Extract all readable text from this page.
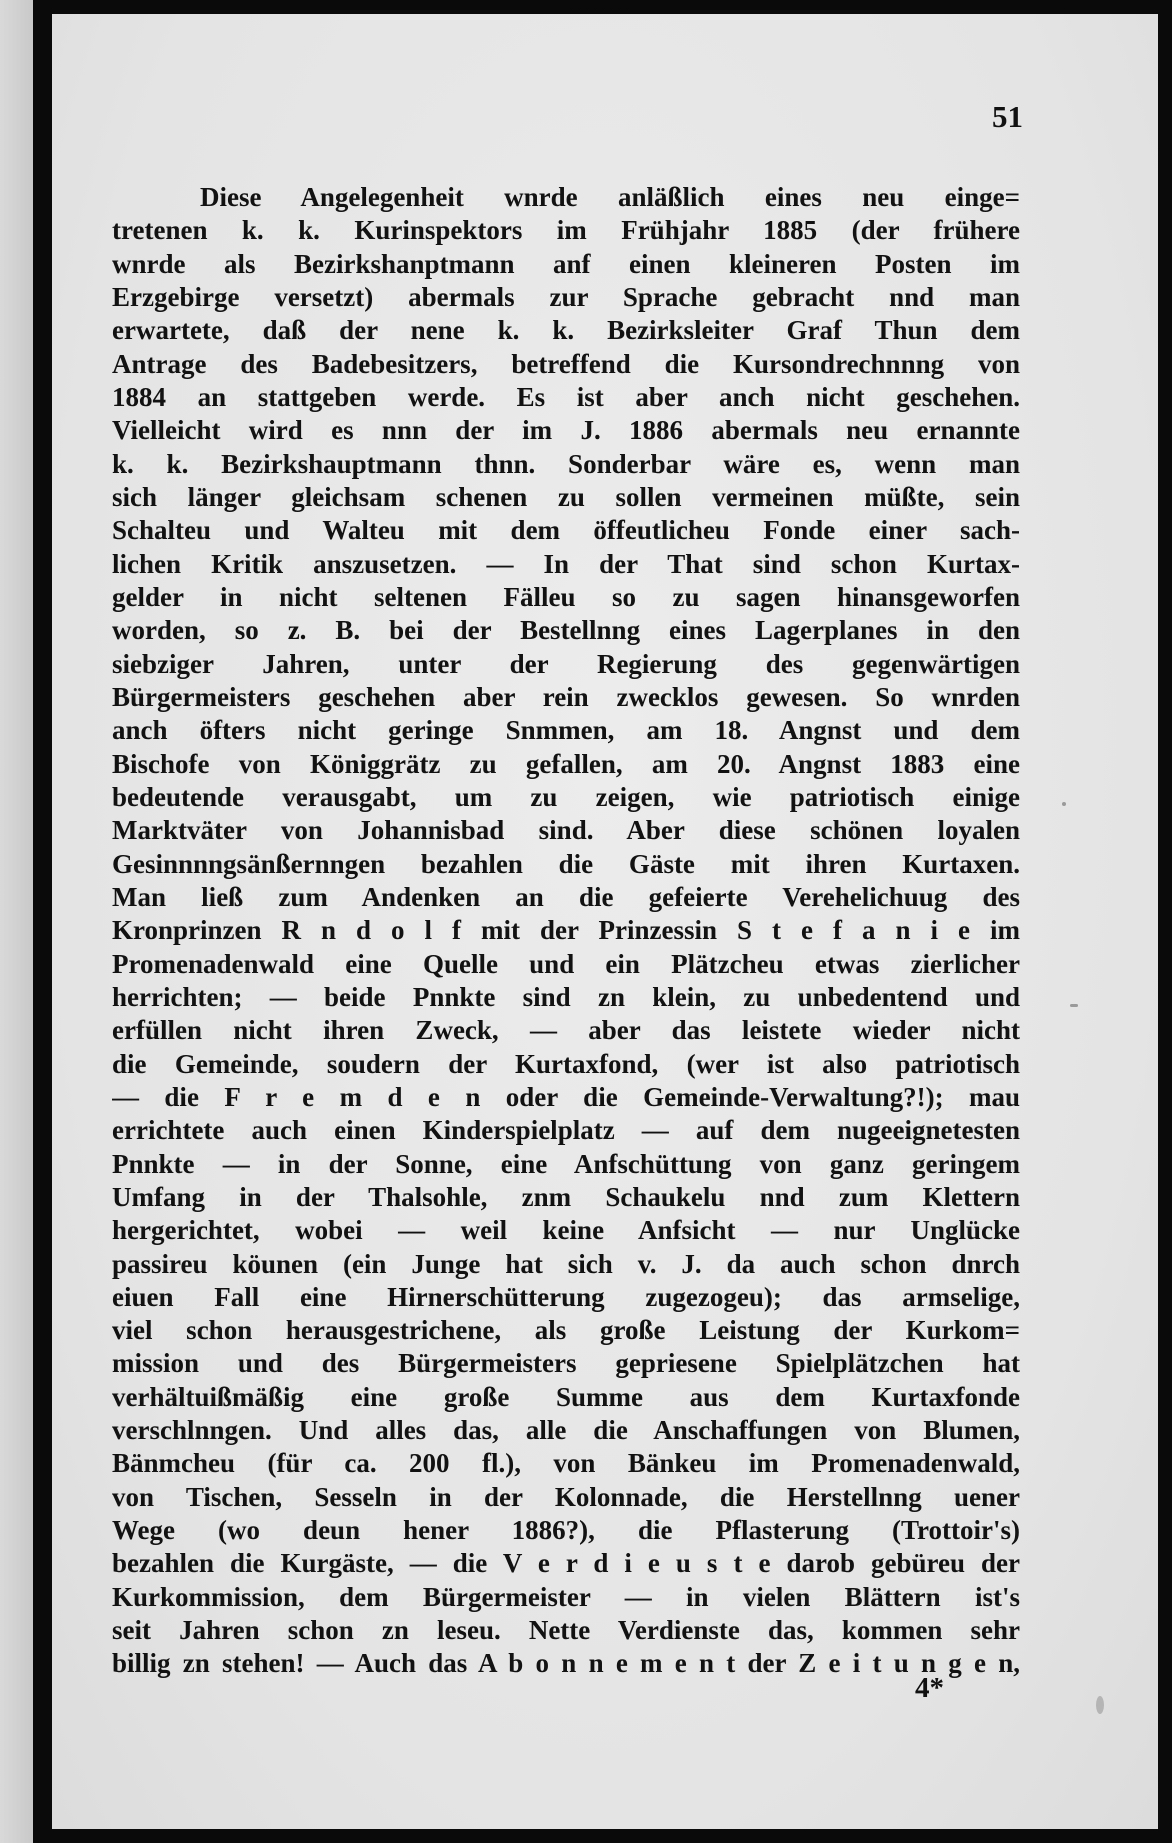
51
Diese Angelegenheit wnrde anläßlich eines neu einge=
tretenen k. k. Kurinspektors im Frühjahr 1885 (der frühere
wnrde als Bezirkshanptmann anf einen kleineren Posten im
Erzgebirge versetzt) abermals zur Sprache gebracht nnd man
erwartete, daß der nene k. k. Bezirksleiter Graf Thun dem
Antrage des Badebesitzers, betreffend die Kursondrechnnng von
1884 an stattgeben werde. Es ist aber anch nicht geschehen.
Vielleicht wird es nnn der im J. 1886 abermals neu ernannte
k. k. Bezirkshauptmann thnn. Sonderbar wäre es, wenn man
sich länger gleichsam schenen zu sollen vermeinen müßte, sein
Schalteu und Walteu mit dem öffeutlicheu Fonde einer sach-
lichen Kritik anszusetzen. — In der That sind schon Kurtax-
gelder in nicht seltenen Fälleu so zu sagen hinansgeworfen
worden, so z. B. bei der Bestellnng eines Lagerplanes in den
siebziger Jahren, unter der Regierung des gegenwärtigen
Bürgermeisters geschehen aber rein zwecklos gewesen. So wnrden
anch öfters nicht geringe Snmmen, am 18. Angnst und dem
Bischofe von Königgrätz zu gefallen, am 20. Angnst 1883 eine
bedeutende verausgabt, um zu zeigen, wie patriotisch einige
Marktväter von Johannisbad sind. Aber diese schönen loyalen
Gesinnnngsänßernngen bezahlen die Gäste mit ihren Kurtaxen.
Man ließ zum Andenken an die gefeierte Verehelichuug des
Kronprinzen R n d o l f mit der Prinzessin S t e f a n i e im
Promenadenwald eine Quelle und ein Plätzcheu etwas zierlicher
herrichten; — beide Pnnkte sind zn klein, zu unbedentend und
erfüllen nicht ihren Zweck, — aber das leistete wieder nicht
die Gemeinde, soudern der Kurtaxfond, (wer ist also patriotisch
— die F r e m d e n oder die Gemeinde-Verwaltung?!); mau
errichtete auch einen Kinderspielplatz — auf dem nugeeignetesten
Pnnkte — in der Sonne, eine Anfschüttung von ganz geringem
Umfang in der Thalsohle, znm Schaukelu nnd zum Klettern
hergerichtet, wobei — weil keine Anfsicht — nur Unglücke
passireu köunen (ein Junge hat sich v. J. da auch schon dnrch
eiuen Fall eine Hirnerschütterung zugezogeu); das armselige,
viel schon herausgestrichene, als große Leistung der Kurkom=
mission und des Bürgermeisters gepriesene Spielplätzchen hat
verhältuißmäßig eine große Summe aus dem Kurtaxfonde
verschlnngen. Und alles das, alle die Anschaffungen von Blumen,
Bänmcheu (für ca. 200 fl.), von Bänkeu im Promenadenwald,
von Tischen, Sesseln in der Kolonnade, die Herstellnng uener
Wege (wo deun hener 1886?), die Pflasterung (Trottoir's)
bezahlen die Kurgäste, — die V e r d i e u s t e darob gebüreu der
Kurkommission, dem Bürgermeister — in vielen Blättern ist's
seit Jahren schon zn leseu. Nette Verdienste das, kommen sehr
billig zn stehen! — Auch das A b o n n e m e n t der Z e i t u n g e n,
4*
